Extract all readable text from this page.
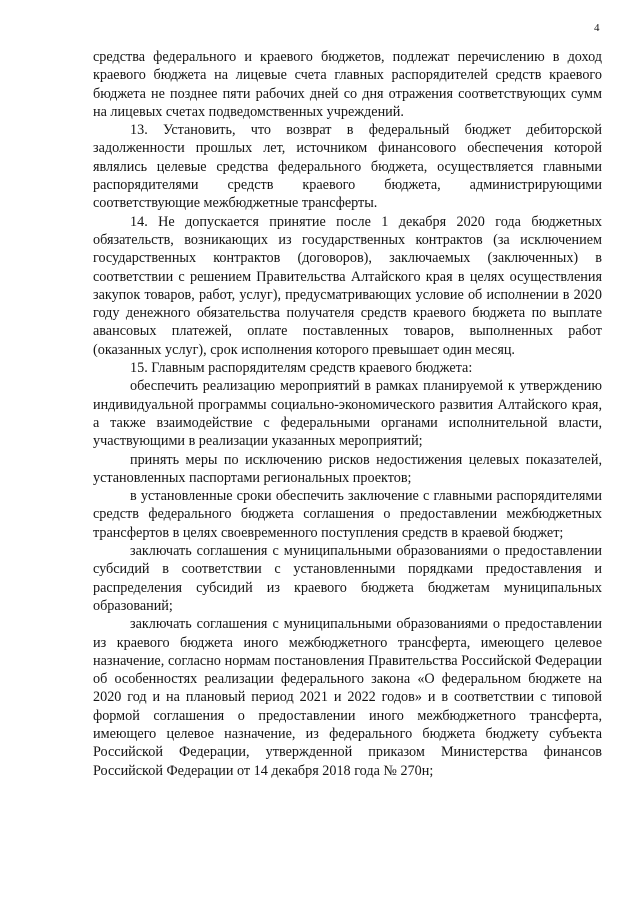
4

средства федерального и краевого бюджетов, подлежат перечислению в доход краевого бюджета на лицевые счета главных распорядителей средств краевого бюджета не позднее пяти рабочих дней со дня отражения соответствующих сумм на лицевых счетах подведомственных учреждений.

13. Установить, что возврат в федеральный бюджет дебиторской задолженности прошлых лет, источником финансового обеспечения которой являлись целевые средства федерального бюджета, осуществляется главными распорядителями средств краевого бюджета, администрирующими соответствующие межбюджетные трансферты.

14. Не допускается принятие после 1 декабря 2020 года бюджетных обязательств, возникающих из государственных контрактов (за исключением государственных контрактов (договоров), заключаемых (заключенных) в соответствии с решением Правительства Алтайского края в целях осуществления закупок товаров, работ, услуг), предусматривающих условие об исполнении в 2020 году денежного обязательства получателя средств краевого бюджета по выплате авансовых платежей, оплате поставленных товаров, выполненных работ (оказанных услуг), срок исполнения которого превышает один месяц.

15. Главным распорядителям средств краевого бюджета:

обеспечить реализацию мероприятий в рамках планируемой к утверждению индивидуальной программы социально-экономического развития Алтайского края, а также взаимодействие с федеральными органами исполнительной власти, участвующими в реализации указанных мероприятий;

принять меры по исключению рисков недостижения целевых показателей, установленных паспортами региональных проектов;

в установленные сроки обеспечить заключение с главными распорядителями средств федерального бюджета соглашения о предоставлении межбюджетных трансфертов в целях своевременного поступления средств в краевой бюджет;

заключать соглашения с муниципальными образованиями о предоставлении субсидий в соответствии с установленными порядками предоставления и распределения субсидий из краевого бюджета бюджетам муниципальных образований;

заключать соглашения с муниципальными образованиями о предоставлении из краевого бюджета иного межбюджетного трансферта, имеющего целевое назначение, согласно нормам постановления Правительства Российской Федерации об особенностях реализации федерального закона «О федеральном бюджете на 2020 год и на плановый период 2021 и 2022 годов» и в соответствии с типовой формой соглашения о предоставлении иного межбюджетного трансферта, имеющего целевое назначение, из федерального бюджета бюджету субъекта Российской Федерации, утвержденной приказом Министерства финансов Российской Федерации от 14 декабря 2018 года № 270н;
